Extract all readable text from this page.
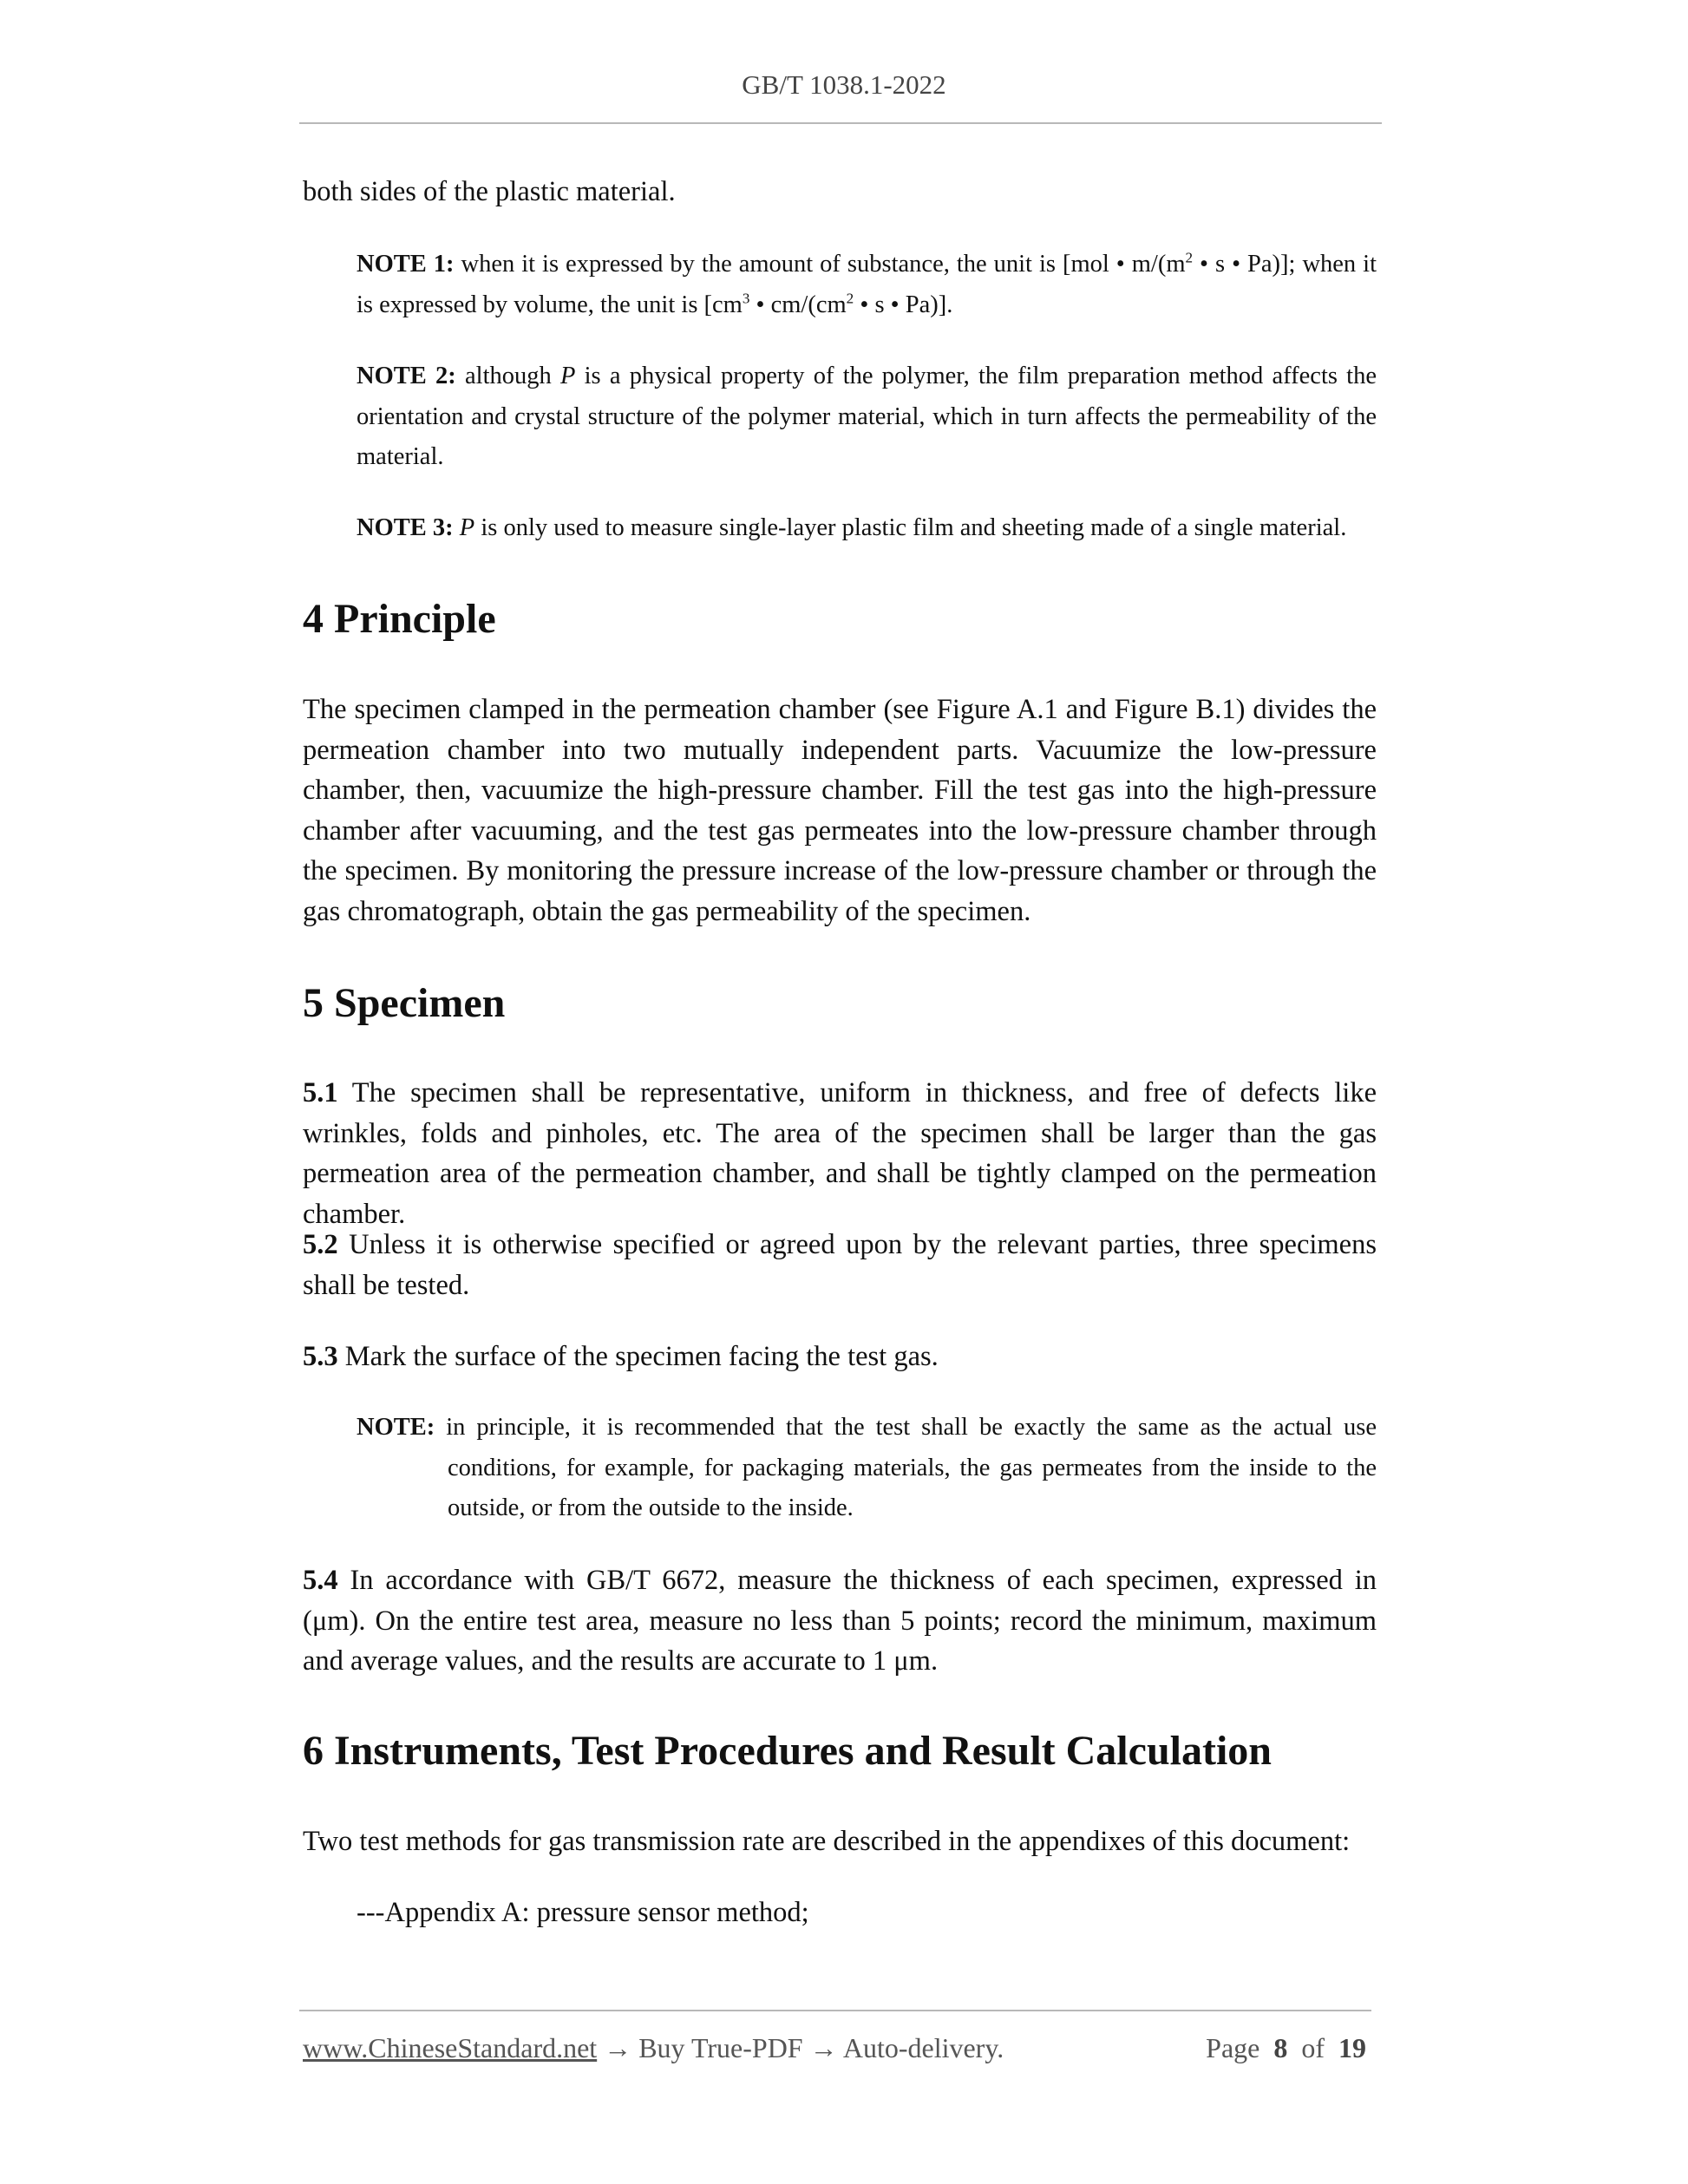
GB/T 1038.1-2022

both sides of the plastic material.

NOTE 1: when it is expressed by the amount of substance, the unit is [mol • $m/(m^2$ • s • Pa)]; when it is expressed by volume, the unit is [$cm^3$ • $cm/(cm^2$ • s • Pa)].
NOTE 2: although P is a physical property of the polymer, the film preparation method affects the orientation and crystal structure of the polymer material, which in turn affects the permeability of the material.
NOTE 3: P is only used to measure single-layer plastic film and sheeting made of a single material.
4 Principle

The specimen clamped in the permeation chamber (see Figure A.1 and Figure B.1) divides the permeation chamber into two mutually independent parts. Vacuumize the low-pressure chamber, then, vacuumize the high-pressure chamber. Fill the test gas into the high-pressure chamber after vacuuming, and the test gas permeates into the low-pressure chamber through the specimen. By monitoring the pressure increase of the low-pressure chamber or through the gas chromatograph, obtain the gas permeability of the specimen.

5 Specimen

5.1 The specimen shall be representative, uniform in thickness, and free of defects like wrinkles, folds and pinholes, etc. The area of the specimen shall be larger than the gas permeation area of the permeation chamber, and shall be tightly clamped on the permeation chamber.

5.2 Unless it is otherwise specified or agreed upon by the relevant parties, three specimens shall be tested.

5.3 Mark the surface of the specimen facing the test gas.

NOTE: in principle, it is recommended that the test shall be exactly the same as the actual use conditions, for example, for packaging materials, the gas permeates from the inside to the outside, or from the outside to the inside.

5.4 In accordance with GB/T 6672, measure the thickness of each specimen, expressed in (μm). On the entire test area, measure no less than 5 points; record the minimum, maximum and average values, and the results are accurate to 1 μm.

6 Instruments, Test Procedures and Result Calculation

Two test methods for gas transmission rate are described in the appendixes of this document:

---Appendix A: pressure sensor method;

www.ChineseStandard.net → Buy True-PDF → Auto-delivery.	Page 8 of 19
